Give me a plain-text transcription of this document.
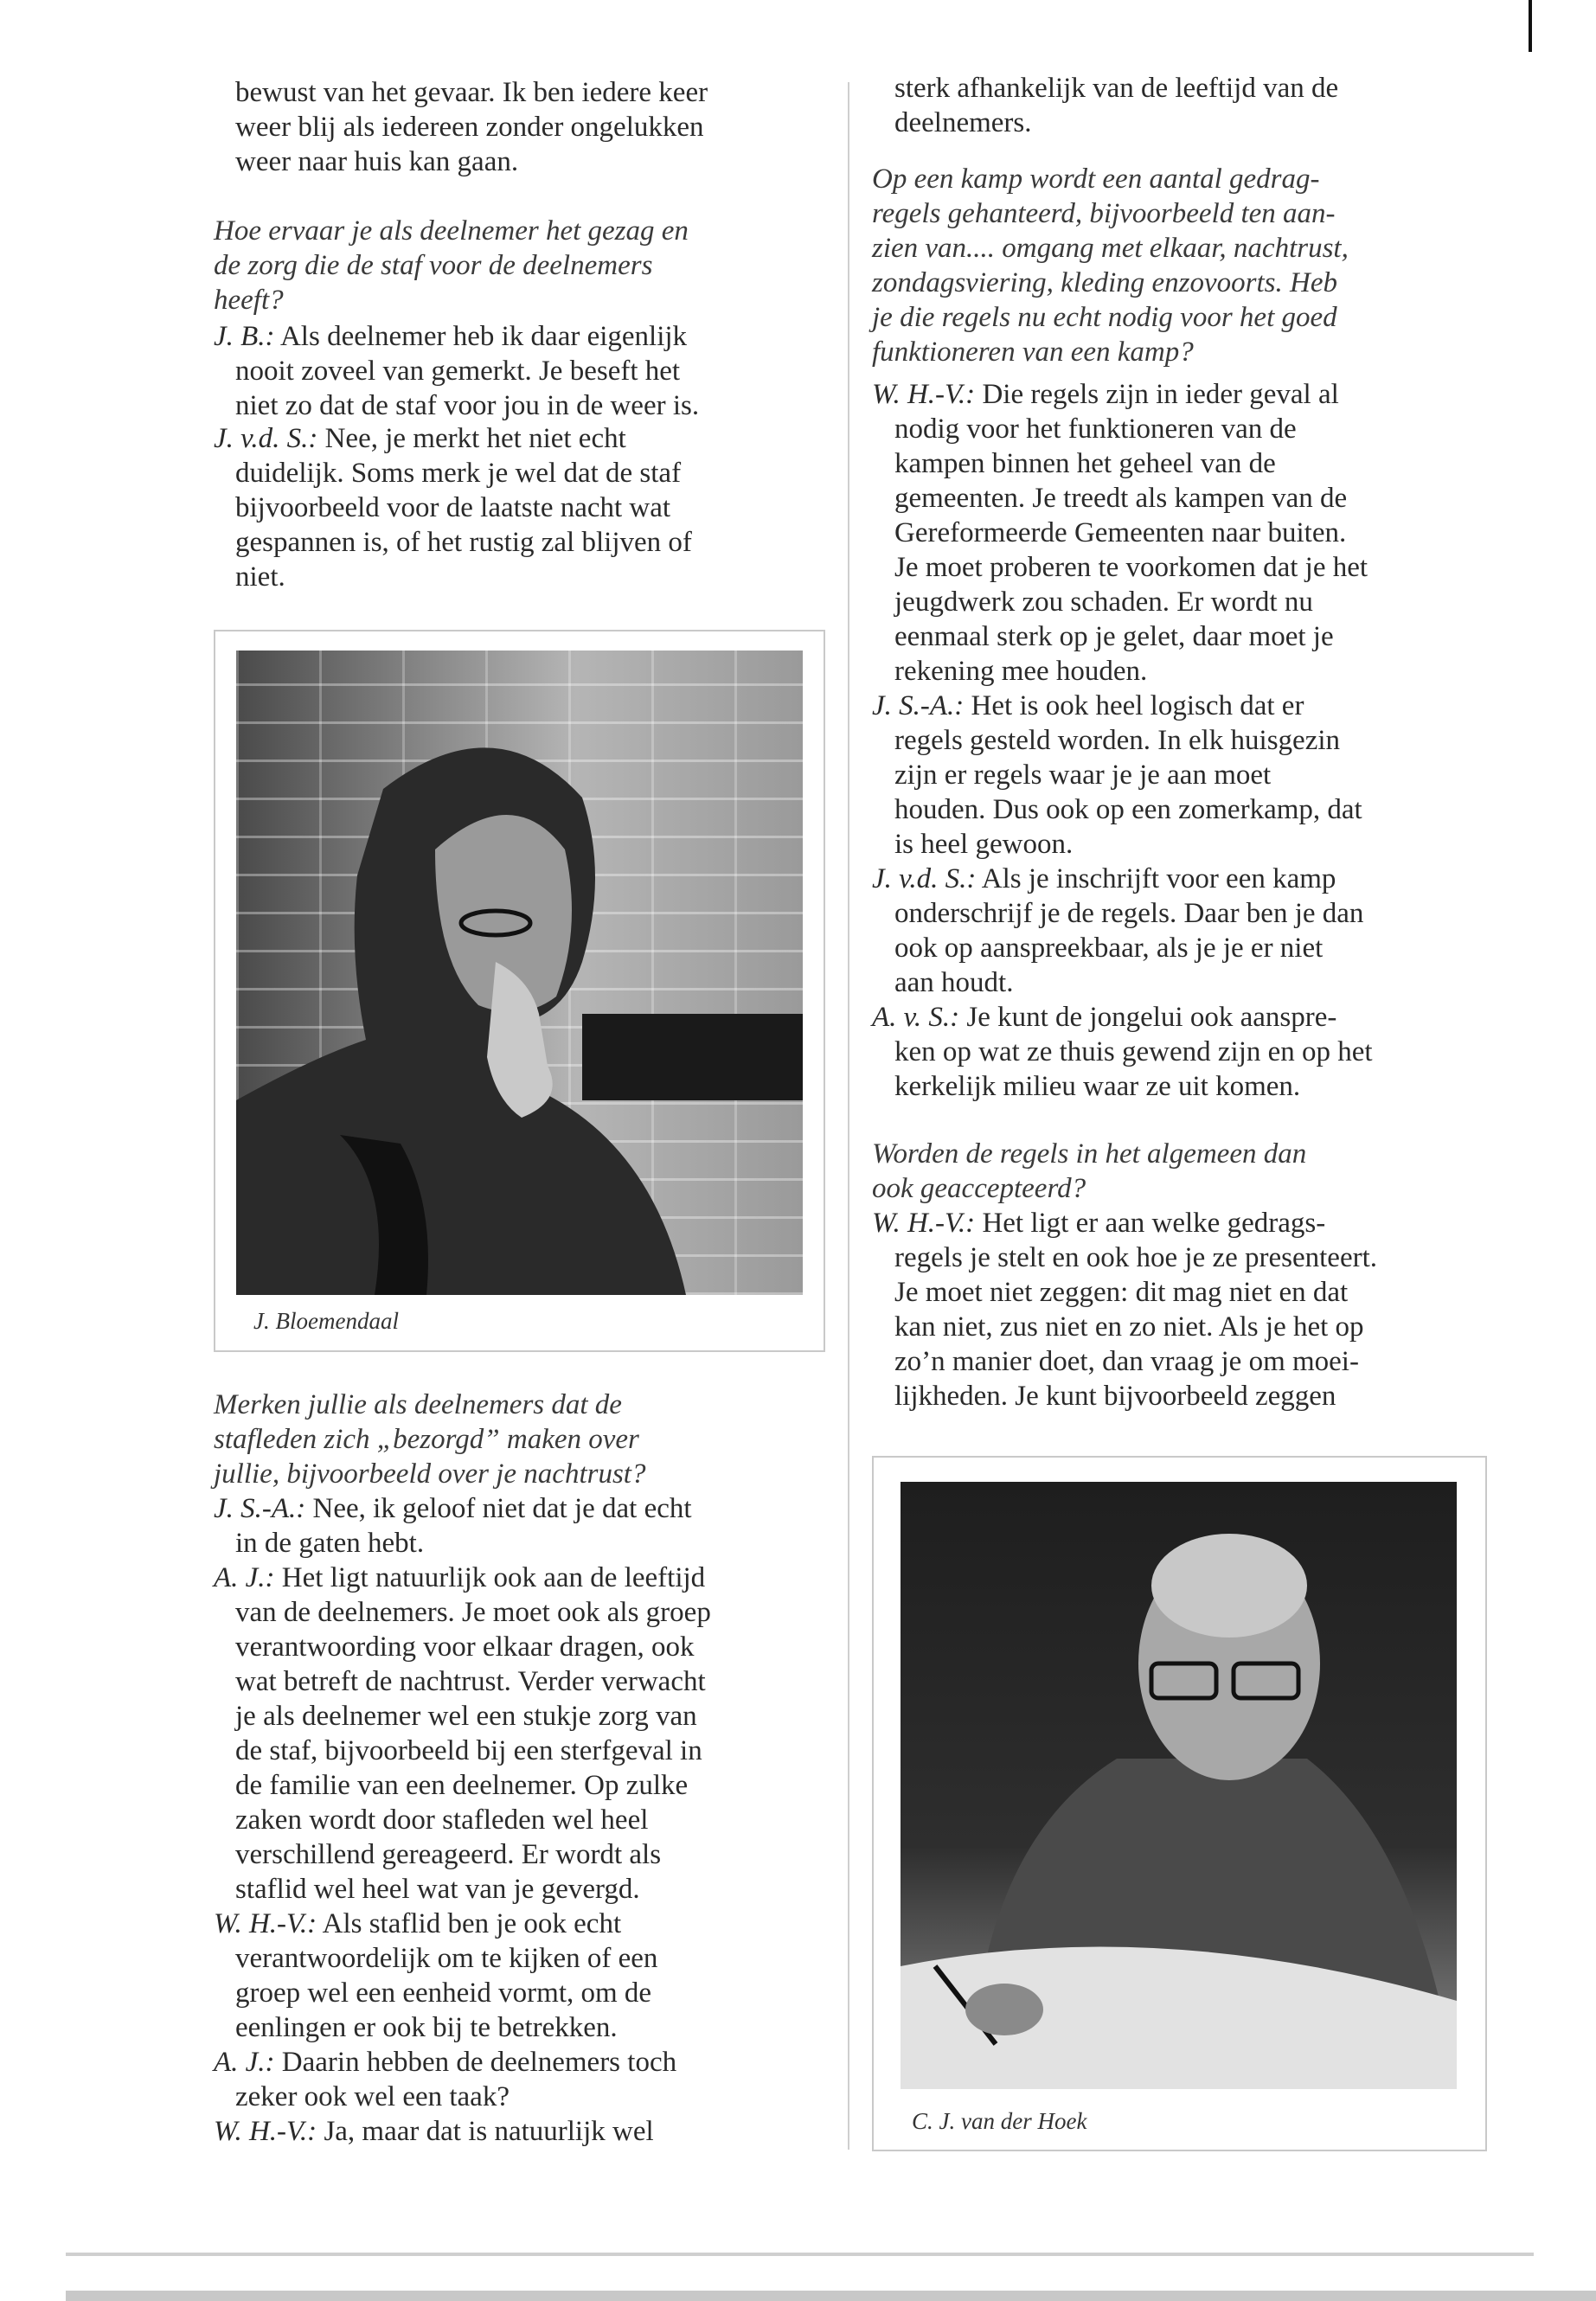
bewust van het gevaar. Ik ben iedere keer
weer blij als iedereen zonder ongelukken
weer naar huis kan gaan.
Hoe ervaar je als deelnemer het gezag en
de zorg die de staf voor de deelnemers
heeft?
J. B.: Als deelnemer heb ik daar eigenlijk
nooit zoveel van gemerkt. Je beseft het
niet zo dat de staf voor jou in de weer is.
J. v.d. S.: Nee, je merkt het niet echt
duidelijk. Soms merk je wel dat de staf
bijvoorbeeld voor de laatste nacht wat
gespannen is, of het rustig zal blijven of
niet.
Merken jullie als deelnemers dat de
stafleden zich „bezorgd” maken over
jullie, bijvoorbeeld over je nachtrust?
J. S.-A.: Nee, ik geloof niet dat je dat echt
in de gaten hebt.
A. J.: Het ligt natuurlijk ook aan de leeftijd
van de deelnemers. Je moet ook als groep
verantwoording voor elkaar dragen, ook
wat betreft de nachtrust. Verder verwacht
je als deelnemer wel een stukje zorg van
de staf, bijvoorbeeld bij een sterfgeval in
de familie van een deelnemer. Op zulke
zaken wordt door stafleden wel heel
verschillend gereageerd. Er wordt als
staflid wel heel wat van je gevergd.
W. H.-V.: Als staflid ben je ook echt
verantwoordelijk om te kijken of een
groep wel een eenheid vormt, om de
eenlingen er ook bij te betrekken.
A. J.: Daarin hebben de deelnemers toch
zeker ook wel een taak?
W. H.-V.: Ja, maar dat is natuurlijk wel
sterk afhankelijk van de leeftijd van de
deelnemers.
Op een kamp wordt een aantal gedrag-
regels gehanteerd, bijvoorbeeld ten aan-
zien van.... omgang met elkaar, nachtrust,
zondagsviering, kleding enzovoorts. Heb
je die regels nu echt nodig voor het goed
funktioneren van een kamp?
W. H.-V.: Die regels zijn in ieder geval al
nodig voor het funktioneren van de
kampen binnen het geheel van de
gemeenten. Je treedt als kampen van de
Gereformeerde Gemeenten naar buiten.
Je moet proberen te voorkomen dat je het
jeugdwerk zou schaden. Er wordt nu
eenmaal sterk op je gelet, daar moet je
rekening mee houden.
J. S.-A.: Het is ook heel logisch dat er
regels gesteld worden. In elk huisgezin
zijn er regels waar je je aan moet
houden. Dus ook op een zomerkamp, dat
is heel gewoon.
J. v.d. S.: Als je inschrijft voor een kamp
onderschrijf je de regels. Daar ben je dan
ook op aanspreekbaar, als je je er niet
aan houdt.
A. v. S.: Je kunt de jongelui ook aanspre-
ken op wat ze thuis gewend zijn en op het
kerkelijk milieu waar ze uit komen.
Worden de regels in het algemeen dan
ook geaccepteerd?
W. H.-V.: Het ligt er aan welke gedrags-
regels je stelt en ook hoe je ze presenteert.
Je moet niet zeggen: dit mag niet en dat
kan niet, zus niet en zo niet. Als je het op
zo’n manier doet, dan vraag je om moei-
lijkheden. Je kunt bijvoorbeeld zeggen
J. Bloemendaal
C. J. van der Hoek
